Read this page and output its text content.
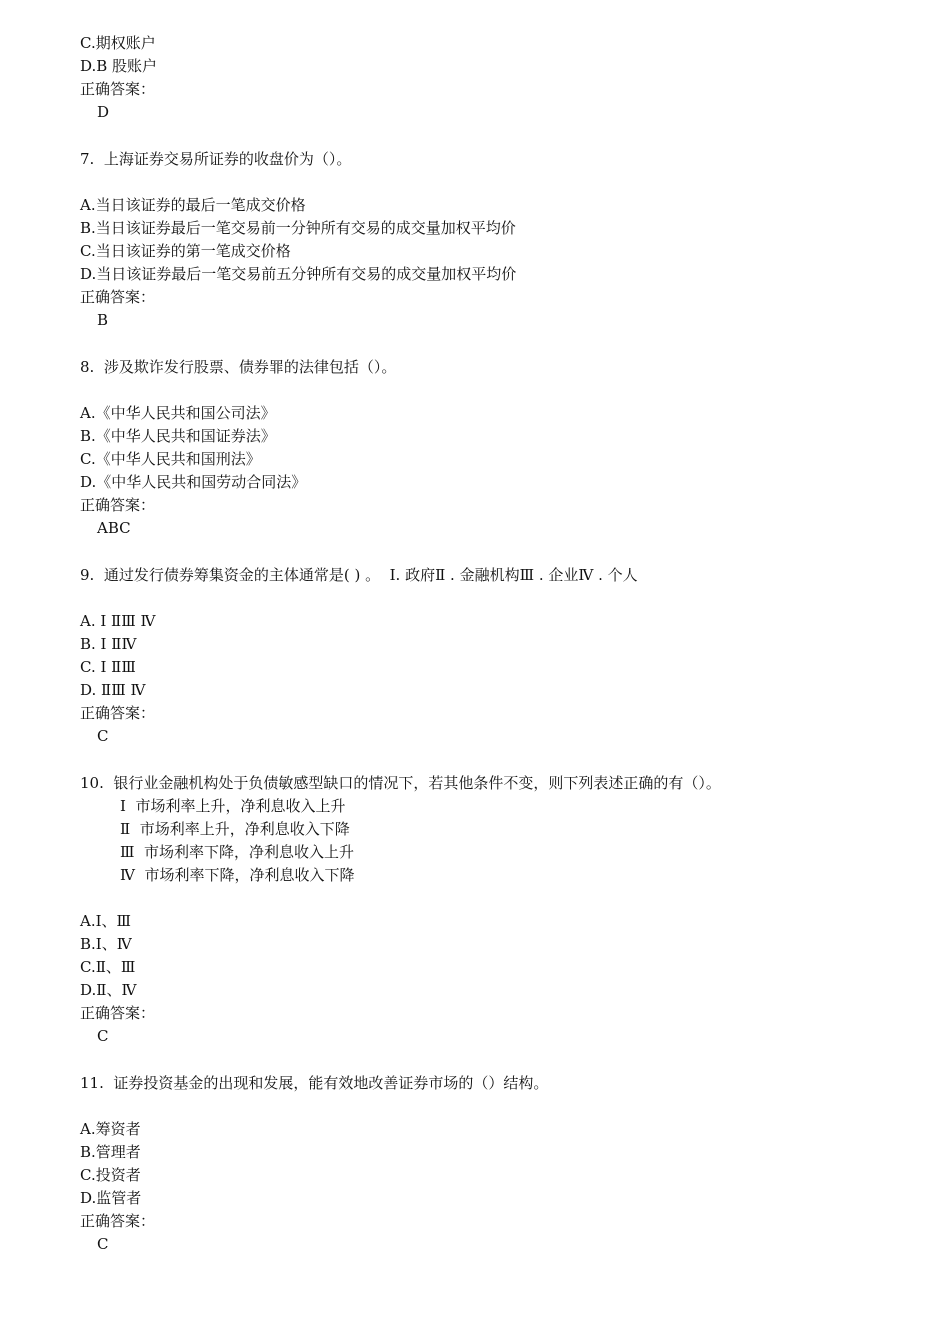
C.期权账户
D.B 股账户
正确答案：
D
7.  上海证券交易所证券的收盘价为（）。
A.当日该证券的最后一笔成交价格
B.当日该证券最后一笔交易前一分钟所有交易的成交量加权平均价
C.当日该证券的第一笔成交价格
D.当日该证券最后一笔交易前五分钟所有交易的成交量加权平均价
正确答案：
B
8.  涉及欺诈发行股票、债券罪的法律包括（）。
A.《中华人民共和国公司法》
B.《中华人民共和国证券法》
C.《中华人民共和国刑法》
D.《中华人民共和国劳动合同法》
正确答案：
ABC
9.  通过发行债券筹集资金的主体通常是( ) 。  Ⅰ. 政府Ⅱ . 金融机构Ⅲ . 企业Ⅳ . 个人
A. Ⅰ ⅡⅢ Ⅳ
B. Ⅰ ⅡⅣ
C. Ⅰ ⅡⅢ
D. ⅡⅢ Ⅳ
正确答案：
C
10.  银行业金融机构处于负债敏感型缺口的情况下，若其他条件不变，则下列表述正确的有（）。
Ⅰ  市场利率上升，净利息收入上升
Ⅱ  市场利率上升，净利息收入下降
Ⅲ  市场利率下降，净利息收入上升
Ⅳ  市场利率下降，净利息收入下降
A.Ⅰ、Ⅲ
B.Ⅰ、Ⅳ
C.Ⅱ、Ⅲ
D.Ⅱ、Ⅳ
正确答案：
C
11.  证券投资基金的出现和发展，能有效地改善证券市场的（）结构。
A.筹资者
B.管理者
C.投资者
D.监管者
正确答案：
C
